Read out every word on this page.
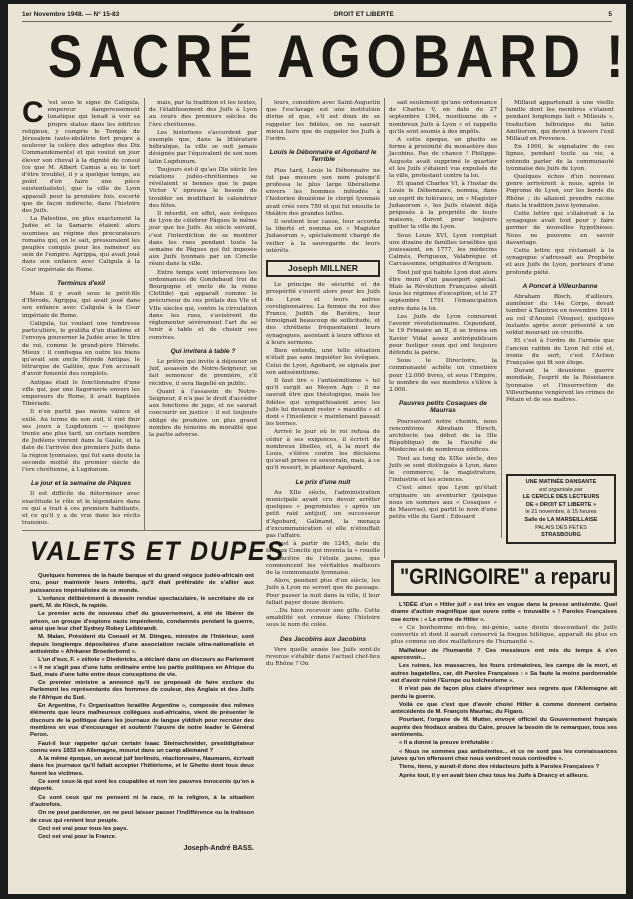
1er Novembre 1948. — N° 15-83	DROIT ET LIBERTE	5
SACRÉ AGOBARD !

C 'est sous le signe de Caligula, empereur dangereusement lunatique qui tenait à voir sa propre statue dans les édifices religieux, y compris le Temple de Jérusalem (auto-idolâtrie fort propre à soulever la colère des adeptes des Dix Commandements) et qui voulut un jour élever son cheval à la dignité de consul (ce que M. Albert Camus a eu le tort d'être trouble), il y a quelque temps, au point d'en faire une pièce existentialiste), que la ville de Lyon apparaît pour la première fois, escorté que de façon indirecte, dans l'histoire des Juifs.

La Palestine, on plus exactement la Judée et la Samarie étaient alors soumises au régime des procurateurs romains qui, on le sait, pressuraient les peuples conquis pour les ramener au sein de l'empire. Agrippa, qui avait joué dans son enfance avec Caligula à la Cour impériale de Rome.

Terminus d'exil

Mais il y avait sous le petit-fils d'Hérode, Agrippa, qui avait joué dans son enfance avec Caligula à la Cour impériale de Rome.

Caligula, lui voulant une tendresse particulière, le gratifia d'un diadème et l'envoya gouverner la Judée avec le titre de roi, comme le grand-père Hérode. Mieux : il confisqua en outre les biens qu'avait son oncle Hérode Antipas, le tétrarque de Galilée, que l'on accusait d'avoir fomenté des complots.

Antipas était le fonctionnaire d'une ville qui, par une flagornerie envers les empereurs de Rome, il avait baptisée Tibériade.

Il n'en partit pas moins vaincu et exilé. Au terme de son exil, il vint finir ses jours à Lugdunum — quelques trente ans plus tard, un certain nombre de Judéens vinrent dans la Gaule, et la date de l'arrivée des premiers Juifs dans la région lyonnaise, qui fut sans doute la seconde moitié du premier siècle de l'ère chrétienne, à Lugdunum.

Le jour et la semaine de Pâques

Il est difficile de déterminer avec exactitude le rôle et le légendaire dans ce qui a trait à ces premiers habitants, et ce qu'il y a de vrai dans les récits transmis.

mais, par la tradition et les textes, de l'établissement des Juifs à Lyon au cours des premiers siècles de l'ère chrétienne.

Les historiens s'accordent par exemple que, dans la littérature hébraïque, la ville se soit jamais désignée par l'équivalent de son nom latin Lugdunum.

Toujours est-il qu'au IXe siècle les relations judéo-chrétiennes se révélaient si bonnes que le pape Victor V éprouva le besoin de troubler en modifiant le calendrier des fêtes.

Il interdit, en effet, aux évêques de Lyon de célébrer Pâques le même jour que les Juifs. Au siècle suivant, c'est l'interdiction de se montrer dans les rues pendant toute la semaine de Pâques qui fut imposée aux Juifs lyonnais par un Concile réuni dans la ville.

Entre temps sont intervenues les ordonnances de Gondebaud (roi de Bourgogne et oncle de la reine Clotilde) qui apparaît comme le précurseur de ces prélats des VIe et VIIe siècles qui, contre la circulation dans les rues, s'avisèrent de réglementer sévèrement l'art de se tenir à table et de choisir ses convives.

Qui invitera à table ?

Le prêtre qui invite à déjeuner un Juif, assassin de Notre-Seigneur, se fait semoncer de première, s'il récidive, il sera flagellé en public.

Quant à l'assassin de Notre-Seigneur, il n'a pas le droit d'accéder aux fonctions de juge, et ne saurait concourir en justice : il est toujours obligé de produire un plus grand nombre de témoins de moralité que la partie adverse.

leurs, considère avec Saint-Augustin que l'esclavage est une institution divine et que, s'il est doux de se rappeler les fidèles, on ne saurait mieux faire que de rappeler les Juifs à l'ordre.

Louis le Débonnaire et Agobard le Terrible

Plus tard, Louis le Débonnaire ne fut pas mesure son nom puisqu'il professa le plus large libéralisme envers les hommes inféodés à l'historien douzième le clergé lyonnais avait créé vers 750 et qui fut ensuite le théâtre des grandes luttes.

Il soutient leur cause, leur accorda la liberté et nomma un « Magister Judaeorum », spécialement chargé de veiller à la sauvegarde de leurs intérêts.

Joseph MILLNER

Le principe de sécurité et de prospérité s'ouvrit alors pour les Juifs de Lyon et leurs autres coreligionnaires. La femme du roi des Francs, Judith de Bavière, leur témoignait beaucoup de sollicitude, et des chrétiens fréquentaient leurs synagogues, assistant à leurs offices et à leurs sermons.

Bien entendu, une telle situation n'était pas sans inquiéter les évêques. Celui de Lyon, Agobard, se signala par son antisémitisme.

Il faut lire « l'antisémitisme » tel qu'il surgit au Moyen Age : il ne saurait être que théologique, mais les fidèles qui sympathisaient avec les Juifs lui devaient rester « maudits » et dont « l'insolence » maintenant passait les bornes.

Arrivé le jour où le roi refusa de céder à ses exigences, il écrivit de nombreux libelles, et, à la mort de Louis, s'élève contre les décisions qu'avait prises ce souverain, mais, à ce qu'il ressort, le plaideur Agobard.

Le prix d'une nuit

Au XIIe siècle, l'administration municipale ayant cru devoir arrêter quelques « pogromistes » après un petit raid antijuif, un successeur d'Agobard, Galinand, la menaça d'excommunication si elle n'étouffait pas l'affaire.

C'est à partir de 1245, date du fameux Concile qui inventa la « rouelle », ancêtre de l'étoile jaune, que commencent les véritables malheurs de la communauté lyonnaise.

Alors, pendant plus d'un siècle, les Juifs à Lyon ne seront que de passage. Pour passer la nuit dans la ville, il leur fallait payer douze deniers.

...Du bien recevoir une gifle. Cette amabilité est connue dans l'histoire sous le nom de colée.

Des Jacobins aux Jacobins

Vers quelle année les Juifs sont-ils revenus s'établir dans l'actuel chef-lieu du Rhône ? On

sait seulement qu'une ordonnance de Charles V, en date du 27 septembre 1364, mentionne de « nombreux Juifs à Lyon » et rappelle qu'ils sont soumis à des impôts.

A cette époque, un ghetto se forme à proximité du monastère des Jacobins. Pas de chance ! Philippe-Auguste avait supprimé le quartier et les Juifs s'étaient vus expulsés de la ville, protestant contre la loi.

Et quand Charles VI, à l'instar de Louis le Débonnaire, nomma, dans un esprit de tolérance, un « Magister Judaeorum », les Juifs étaient déjà préposés à la propriété de leurs maisons, durent pour toujours quitter la ville de Lyon.

Sous Louis XVI, Lyon comptait une dizaine de familles israélites qui jouissaient, en 1777, les médecins Calmès, Perigueux, Valabrègue et Carcassonne, originaires d'Avignon.

Tout juif qui habite Lyon doit alors être muni d'un passeport spécial. Mais la Révolution Française abolit tous les régimes d'exception, et le 27 septembre 1791 l'émancipation entre dans la loi.

Les Juifs de Lyon connurent l'avenir révolutionnaire. Cependant, le 19 Frimaire an II, il se trouva un Xavier Vidal assez antirépublicain pour fustiger ceux qui ont toujours défendu la patrie.

Sous le Directoire, la communauté achète un cimetière pour 12.000 livres, et sous l'Empire, le nombre de ses membres s'élève à 2.000.

Pauvres petits Cosaques de Maurras

Poursuivant notre chemin, nous rencontrons Abraham Hirsch, architecte (au début de la IIIe République) de la Faculté de Médecine et de nombreux édifices.

Tout au long du XIXe siècle, des Juifs se sont distingués à Lyon, dans le commerce, la magistrature, l'industrie et les sciences.

C'est ainsi que Lyon qu'était originaire un aventurier (puisque nous en sommes aux « Cosaques » de Maurras), qui partit le nom d'une petite ville du Gard : Edouard

Millaud appartenait à une vieille famille dont les membres s'étaient pendant longtemps fait « Milieuls », traduction hébraïque du latin Amitiorum, qui devint à travers l'exil Millaud en Provence.

En 1900, le signataire de ces lignes, pendant toute sa vie, a entendu parler de la communauté lyonnaise des Juifs de Lyon.

Quelques échos d'un nouveau genre arrivèrent à nous, après le Pogrome de Lyon, sur les bords du Rhône ; ils allaient prendre racine dans la tradition juive lyonnaise.

Cette lettre qui s'élaborait à la synagogue avait tout pour y faire germer de nouvelles hypothèses. Nous ne pouvons en savoir davantage.

Cette lettre qui réclamait à la synagogue s'adressait au Prophète et aux Juifs de Lyon, porteurs d'une profonde piété.

A Poncet à Villeurbanne

Abraham Bloch, d'ailleurs, aumônier du 14e Corps, devait tomber à Taintrux en novembre 1914 au col d'Anozel (Vosges), quelques instants après avoir présenté à un soldat mourant un crucifix.

Et c'est à l'ordre de l'armée que l'ancien rabbin de Lyon fut cité et, ironie du sort, c'est l'Action Française qui fit son éloge.

Durant la deuxième guerre mondiale, l'esprit de la Résistance lyonnaise et l'insurrection de Villeurbanne vengèrent les crimes de Pétain et de ses maîtres.

UNE MATINÉE DANSANTE
est organisée par
LE CERCLE DES LECTEURS
DE « DROIT ET LIBERTE »
le 21 novembre, à 15 heures
Salle de LA MARSEILLAISE
PALAIS DES FETES
STRASBOURG
VALETS ET DUPES

Quelques hommes de la haute banque et du grand négoce judéo-africain ont cru, pour maintenir leurs intérêts, qu'il était préférable de s'allier aux puissances impérialistes de ce monde.

L'enfance délibérément à dessein rendue spectaculaire, le secrétaire de ce parti, M. de Kleck, fa rapide.

Le premier acte de nouveau chef du gouvernement, à été de libérer de prison, un groupe d'espions nazis impénitents, condamnés pendant la guerre, ainsi que leur chef Sydney Robey Leibbrandt.

M. Malan, Président du Conseil et M. Dönges, ministre de l'Intérieur, sont depuis longtemps dépositaires d'une association raciale ultra-nationaliste et antisémite « Afrikaner Broederbond ».

L'un d'eux, F. « zéliote » Diedericks, a déclaré dans un discours au Parlement : « Il ne s'agit pas d'une lutte ordinaire entre les partis politiques en Afrique du Sud, mais d'une lutte entre deux conceptions de vie.

Ce premier ministre a annoncé qu'il se proposait de faire exclure du Parlement les représentants des hommes de couleur, des Anglais et des Juifs de l'Afrique du Sud.

En Argentine, l'« Organisation Israélite Argentine », composée des mêmes éléments que leurs malheureux collègues sud-africains, vient de présenter le discours de la politique dans les journaux de langue yiddish pour recruter des membres en vue d'encourager et soutenir l'œuvre de notre leader le Général Peron.

Faut-il leur rappeler qu'un certain Isaac Steinschneider, prestidigitateur connu vers 1933 en Allemagne, mourut dans un camp allemand ?

A la même époque, un avocat juif berlinois, réactionnaire, Naumann, écrivait dans les journaux qu'il fallait accepter l'hitlérisme, et le Ghetto dont tous deux furent les victimes.

Ce sont ceux-là qui sont les coupables et non les pauvres innocents qu'on a déporté.

Ce sont ceux qui ne pensent ni la race, ni la religion, à la situation d'autrefois.

On ne peut pardonner, on ne peut laisser passer l'indifférence ou la trahison de ceux qui renient leur peuple.

Ceci est vrai pour tous les pays.

Ceci est vrai pour la France.

Joseph-André BASS.
"GRINGOIRE" a reparu

L'IDÉE d'un « Hitler juif » est très en vogue dans la presse antisémite. Quel drame d'action magnifique que ouvre cette « trouvaille » ! Paroles Françaises ose écrire : « Le crime de Hitler ».

« Ce bonhomme mi-fou, mi-génie, sans doute descendant de Juifs convertis et dont il aurait conservé la fougue biblique, apparaît de plus en plus comme un des malfaiteurs de l'humanité ».

Malfaiteur de l'humanité ? Ces messieurs ont mis du temps à s'en apercevoir...

Les ruines, les massacres, les fours crématoires, les camps de la mort, et autres bagatelles, car, dit Paroles Françaises : « Sa faute la moins pardonnable est d'avoir ruiné l'Europe ou bolchevisme ».

Il n'est pas de façon plus claire d'exprimer ses regrets que l'Allemagne ait perdu la guerre.

Voilà ce que c'est que d'avoir choisi Hitler à comme donnent certains antécédents de M. François Mauriac, du Figaro.

Pourtant, l'organe de M. Mutter, envoyé officiel du Gouvernement français auprès des féodaux arabes du Caire, prouve la besoin de le remarquer, tous ses sentiments.

« Il a donné la preuve irréfutable :

« Nous ne sommes pas antisémites... et ce ne sont pas les connaissances juives qu'on offensent chez nous vendront nous contredire ».

Tiens, tiens, y aurait-il donc des rédacteurs juifs à Paroles Françaises ?

Après tout, il y en avait bien chez tous les Juifs à Drancy et ailleurs.
